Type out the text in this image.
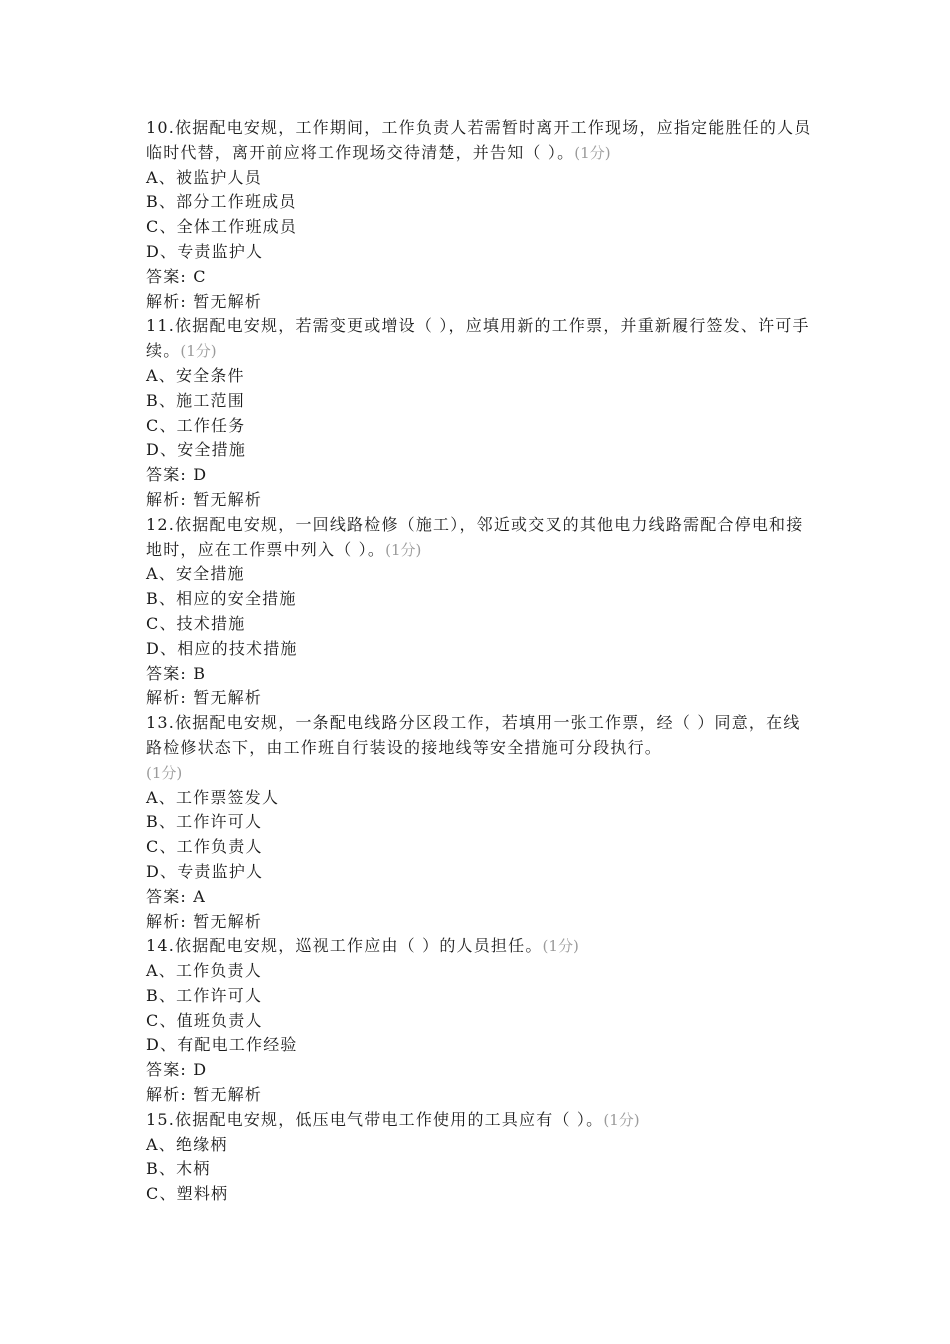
10.依据配电安规，工作期间，工作负责人若需暂时离开工作现场，应指定能胜任的人员临时代替，离开前应将工作现场交待清楚，并告知（ ）。(1分)
A、被监护人员
B、部分工作班成员
C、全体工作班成员
D、专责监护人
答案: C
解析: 暂无解析
11.依据配电安规，若需变更或增设（ ），应填用新的工作票，并重新履行签发、许可手续。(1分)
A、安全条件
B、施工范围
C、工作任务
D、安全措施
答案: D
解析: 暂无解析
12.依据配电安规，一回线路检修（施工），邻近或交叉的其他电力线路需配合停电和接地时，应在工作票中列入（ ）。(1分)
A、安全措施
B、相应的安全措施
C、技术措施
D、相应的技术措施
答案: B
解析: 暂无解析
13.依据配电安规，一条配电线路分区段工作，若填用一张工作票，经（ ）同意，在线路检修状态下，由工作班自行装设的接地线等安全措施可分段执行。
(1分)
A、工作票签发人
B、工作许可人
C、工作负责人
D、专责监护人
答案: A
解析: 暂无解析
14.依据配电安规，巡视工作应由（ ）的人员担任。(1分)
A、工作负责人
B、工作许可人
C、值班负责人
D、有配电工作经验
答案: D
解析: 暂无解析
15.依据配电安规，低压电气带电工作使用的工具应有（ ）。(1分)
A、绝缘柄
B、木柄
C、塑料柄
